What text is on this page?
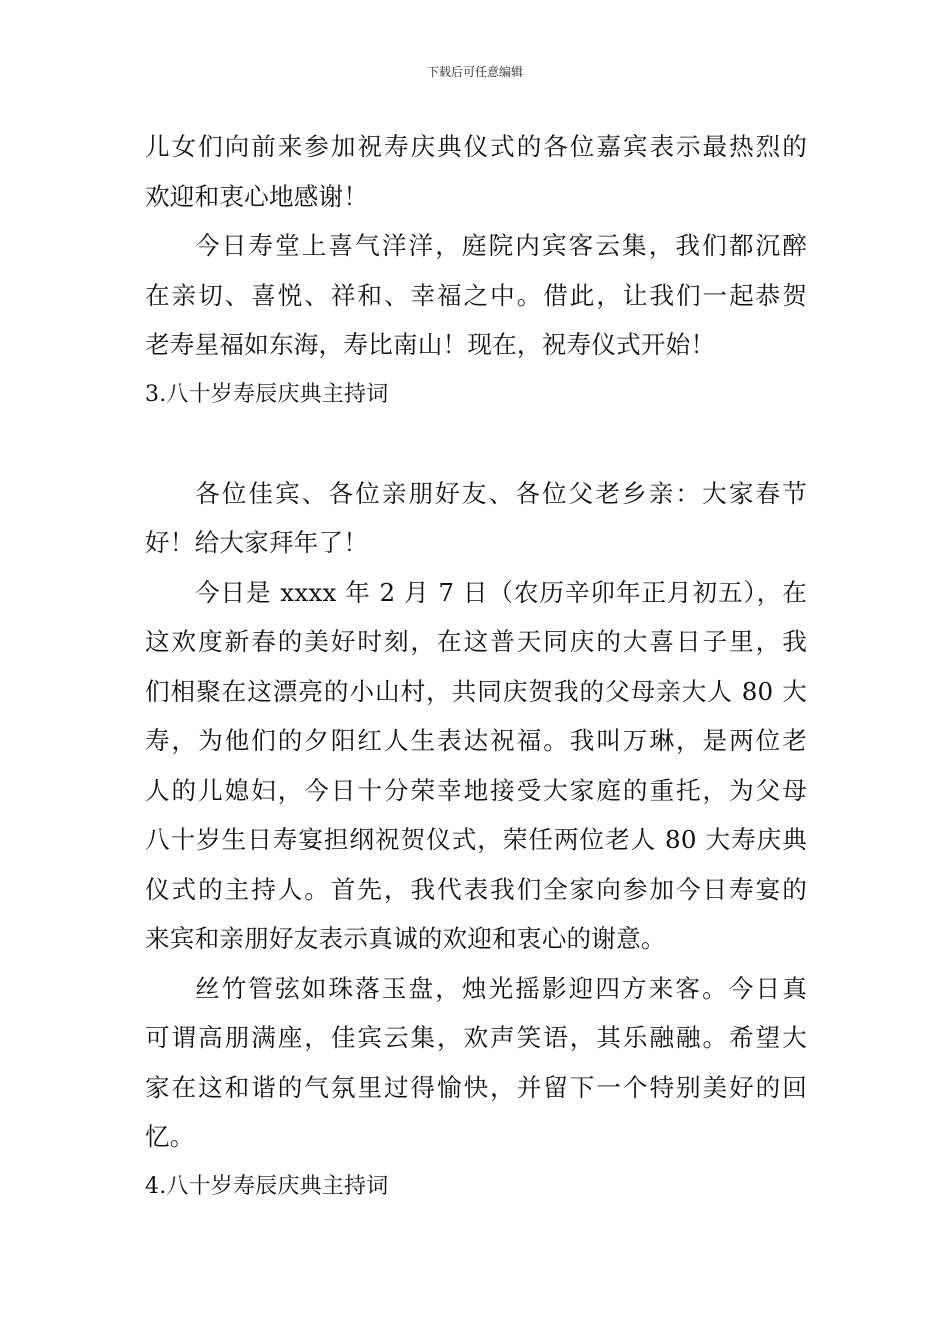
下载后可任意编辑
儿女们向前来参加祝寿庆典仪式的各位嘉宾表示最热烈的
欢迎和衷心地感谢！
今日寿堂上喜气洋洋，庭院内宾客云集，我们都沉醉
在亲切、喜悦、祥和、幸福之中。借此，让我们一起恭贺
老寿星福如东海，寿比南山！现在，祝寿仪式开始！
3.八十岁寿辰庆典主持词
各位佳宾、各位亲朋好友、各位父老乡亲：大家春节
好！给大家拜年了！
今日是 xxxx 年 2 月 7 日（农历辛卯年正月初五），在
这欢度新春的美好时刻，在这普天同庆的大喜日子里，我
们相聚在这漂亮的小山村，共同庆贺我的父母亲大人 80 大
寿，为他们的夕阳红人生表达祝福。我叫万琳，是两位老
人的儿媳妇，今日十分荣幸地接受大家庭的重托，为父母
八十岁生日寿宴担纲祝贺仪式，荣任两位老人 80 大寿庆典
仪式的主持人。首先，我代表我们全家向参加今日寿宴的
来宾和亲朋好友表示真诚的欢迎和衷心的谢意。
丝竹管弦如珠落玉盘，烛光摇影迎四方来客。今日真
可谓高朋满座，佳宾云集，欢声笑语，其乐融融。希望大
家在这和谐的气氛里过得愉快，并留下一个特别美好的回
忆。
4.八十岁寿辰庆典主持词
